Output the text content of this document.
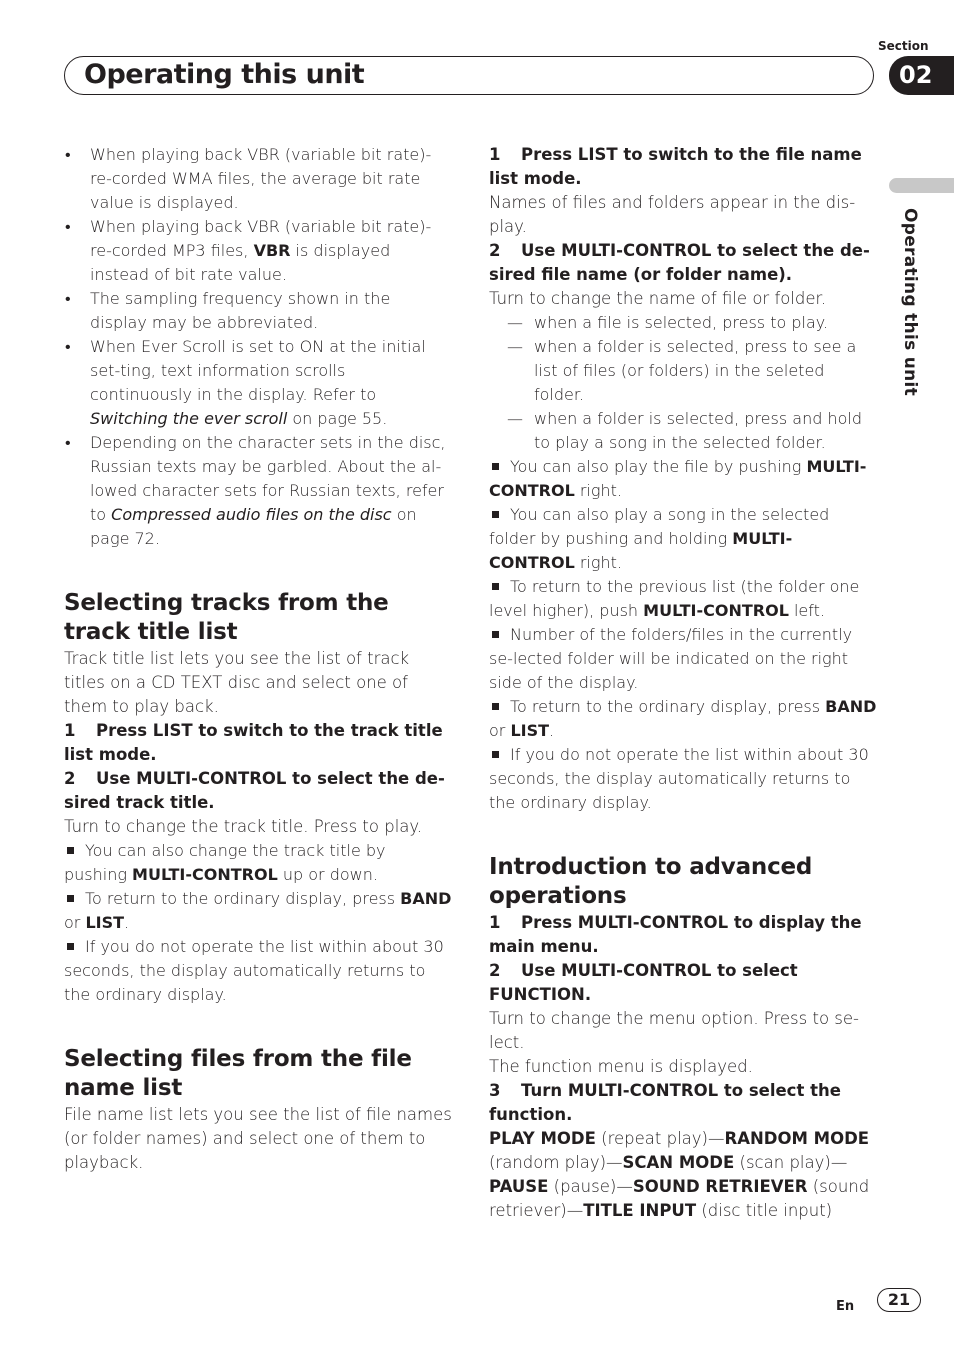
Section
Operating this unit	02
Operating this unit
• When playing back VBR (variable bit rate)-re-corded WMA files, the average bit rate value is displayed.
• When playing back VBR (variable bit rate)-re-corded MP3 files, VBR is displayed instead of bit rate value.
• The sampling frequency shown in the display may be abbreviated.
• When Ever Scroll is set to ON at the initial set-ting, text information scrolls continuously in the display. Refer to Switching the ever scroll on page 55.
• Depending on the character sets in the disc, Russian texts may be garbled. About the al-lowed character sets for Russian texts, refer to Compressed audio files on the disc on page 72.
Selecting tracks from the track title list

Track title list lets you see the list of track titles on a CD TEXT disc and select one of them to play back.

1 Press LIST to switch to the track title list mode.

2 Use MULTI-CONTROL to select the de-sired track title.

Turn to change the track title. Press to play.

You can also change the track title by pushing MULTI-CONTROL up or down.

To return to the ordinary display, press BAND or LIST.

If you do not operate the list within about 30 seconds, the display automatically returns to the ordinary display.

Selecting files from the file name list

File name list lets you see the list of file names (or folder names) and select one of them to playback.

1 Press LIST to switch to the file name list mode.

Names of files and folders appear in the dis-play.

2 Use MULTI-CONTROL to select the de-sired file name (or folder name).

Turn to change the name of file or folder.

— when a file is selected, press to play.
— when a folder is selected, press to see a list of files (or folders) in the seleted folder.
— when a folder is selected, press and hold to play a song in the selected folder.

You can also play the file by pushing MULTI-CONTROL right.

You can also play a song in the selected folder by pushing and holding MULTI-CONTROL right.

To return to the previous list (the folder one level higher), push MULTI-CONTROL left.

Number of the folders/files in the currently se-lected folder will be indicated on the right side of the display.

To return to the ordinary display, press BAND or LIST.

If you do not operate the list within about 30 seconds, the display automatically returns to the ordinary display.

Introduction to advanced operations

1 Press MULTI-CONTROL to display the main menu.

2 Use MULTI-CONTROL to select FUNCTION.

Turn to change the menu option. Press to se-lect.

The function menu is displayed.

3 Turn MULTI-CONTROL to select the function.

PLAY MODE (repeat play)—RANDOM MODE (random play)—SCAN MODE (scan play)—PAUSE (pause)—SOUND RETRIEVER (sound retriever)—TITLE INPUT (disc title input)

En	21
